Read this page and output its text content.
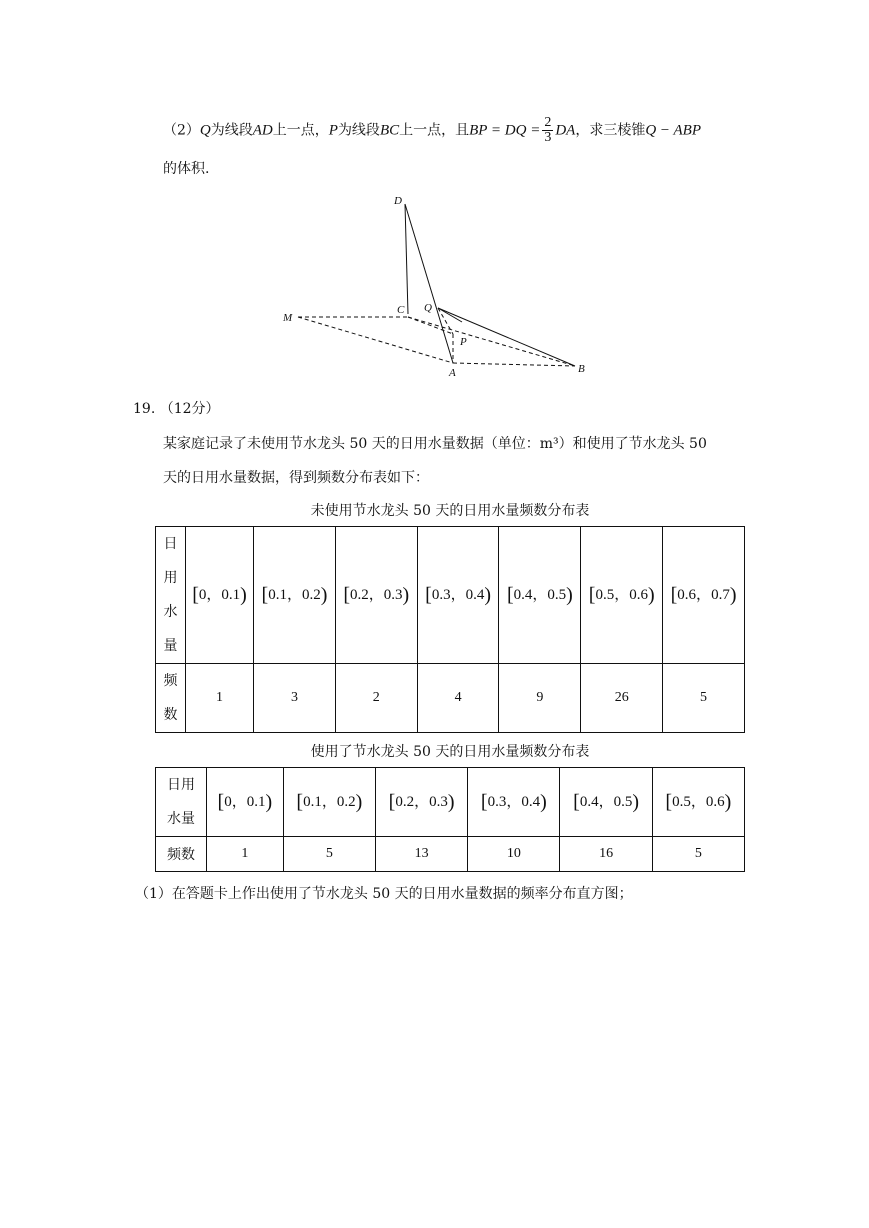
（2）Q为线段AD上一点，P为线段BC上一点，且BP = DQ = $\frac{2}{3}$ DA，求三棱锥Q − ABP
的体积.
D
C Q
M
P
A	B
19. （12分）
某家庭记录了未使用节水龙头 50 天的日用水量数据（单位：m³）和使用了节水龙头 50
天的日用水量数据，得到频数分布表如下：
未使用节水龙头 50 天的日用水量频数分布表
日
用
水
量	[0，0.1)	[0.1，0.2)	[0.2，0.3)	[0.3，0.4)	[0.4，0.5)	[0.5，0.6)	[0.6，0.7)

频
数	1	3	2	4	9	26	5
使用了节水龙头 50 天的日用水量频数分布表
日用
水量	[0，0.1)	[0.1，0.2)	[0.2，0.3)	[0.3，0.4)	[0.4，0.5)	[0.5，0.6)
频数	1	5	13	10	16	5
（1）在答题卡上作出使用了节水龙头 50 天的日用水量数据的频率分布直方图；
